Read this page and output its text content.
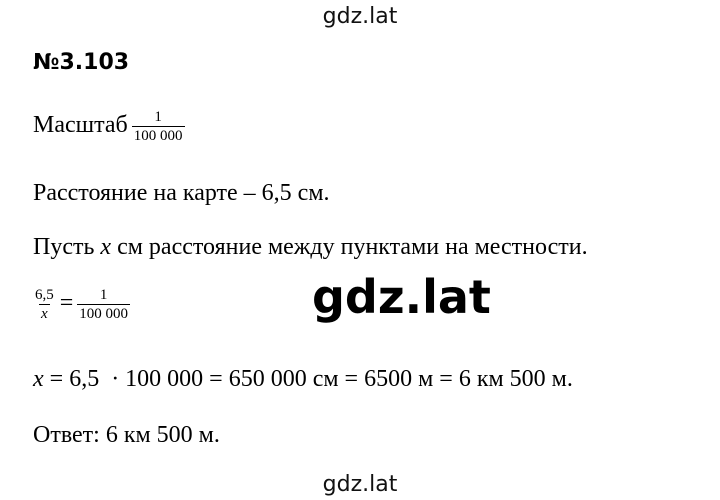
gdz.lat
№3.103
Масштаб $\frac{1}{100 000}$
Расстояние на карте – 6,5 см.
Пусть x см расстояние между пунктами на местности.
$\frac{6,5}{x} = \frac{1}{100 000}$	gdz.lat
x = 6,5  · 100 000 = 650 000 см = 6500 м = 6 км 500 м.
Ответ: 6 км 500 м.
gdz.lat
